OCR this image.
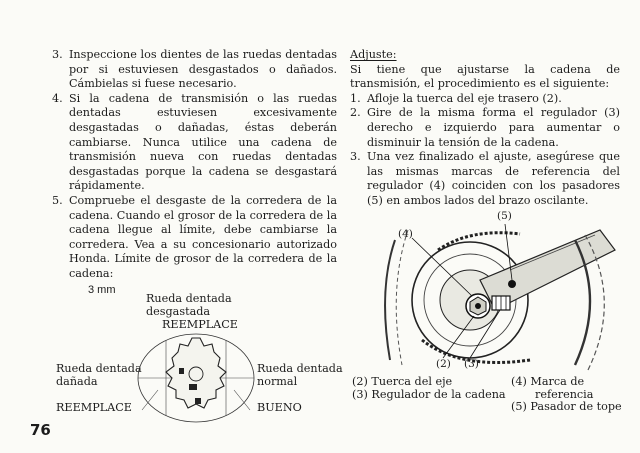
3. Inspeccione los dientes de las ruedas dentadas por si estuviesen desgastados o dañados. Cámbielas si fuese necesario.
4. Si la cadena de transmisión o las ruedas dentadas estuviesen excesivamente desgastadas o dañadas, éstas deberán cambiarse. Nunca utilice una cadena de transmisión nueva con ruedas dentadas desgastadas porque la cadena se desgastará rápidamente.
5. Compruebe el desgaste de la corredera de la cadena. Cuando el grosor de la corredera de la cadena llegue al límite, debe cambiarse la corredera. Vea a su concesionario autorizado Honda. Límite de grosor de la corredera de la cadena:
3 mm
Rueda dentada
desgastada
REEMPLACE
Rueda dentada
dañada
REEMPLACE
Rueda dentada
normal
BUENO
76
Adjuste:
Si tiene que ajustarse la cadena de transmisión, el procedimiento es el siguiente:
1. Afloje la tuerca del eje trasero (2).
2. Gire de la misma forma el regulador (3) derecho e izquierdo para aumentar o disminuir la tensión de la cadena.
3. Una vez finalizado el ajuste, asegúrese que las mismas marcas de referencia del regulador (4) coinciden con los pasadores (5) en ambos lados del brazo oscilante.
(4)
(5)
(2) (3)
(2) Tuerca del eje
(3) Regulador de la cadena
(4) Marca de
referencia
(5) Pasador de tope
